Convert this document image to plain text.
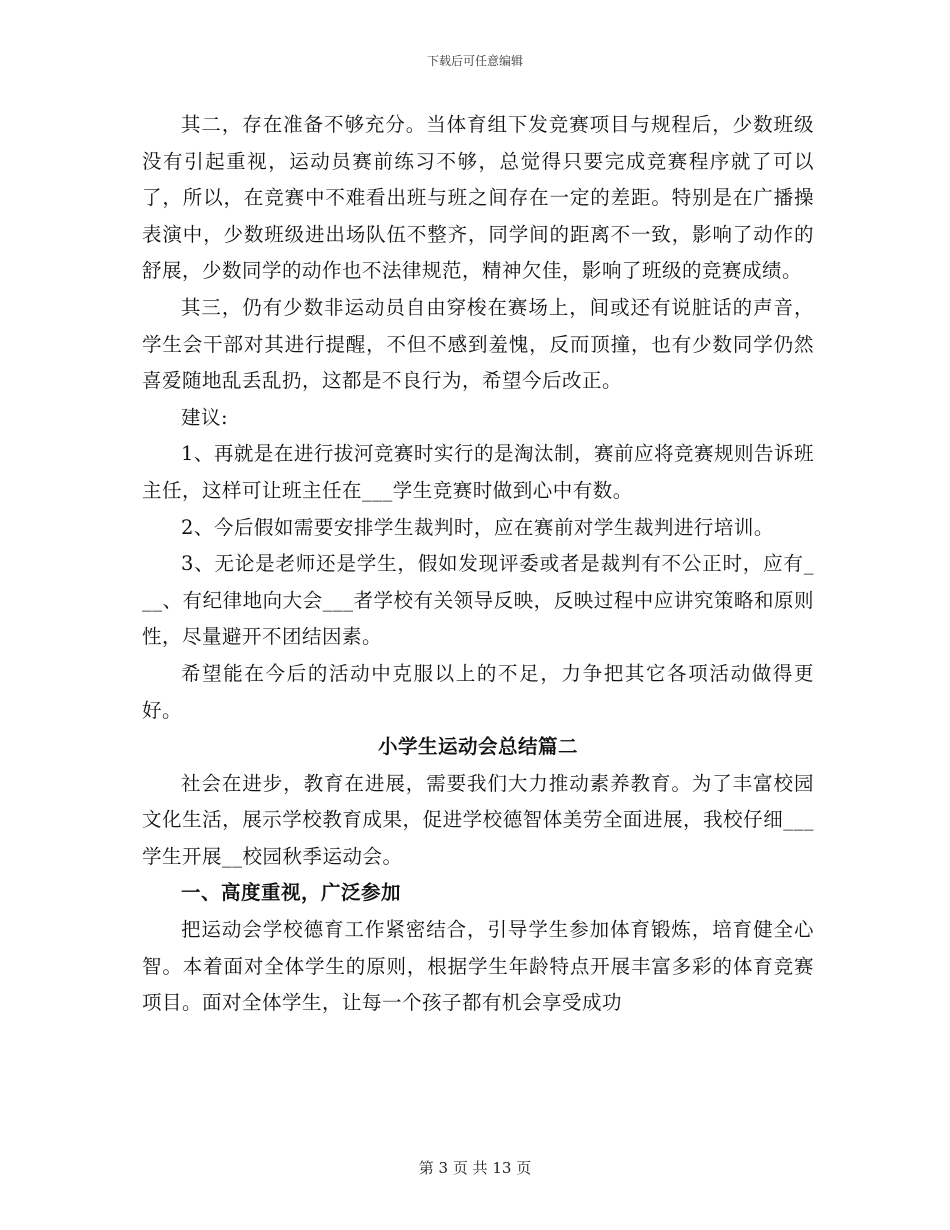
下载后可任意编辑

其二，存在准备不够充分。当体育组下发竞赛项目与规程后，少数班级没有引起重视，运动员赛前练习不够，总觉得只要完成竞赛程序就了可以了，所以，在竞赛中不难看出班与班之间存在一定的差距。特别是在广播操表演中，少数班级进出场队伍不整齐，同学间的距离不一致，影响了动作的舒展，少数同学的动作也不法律规范，精神欠佳，影响了班级的竞赛成绩。

其三，仍有少数非运动员自由穿梭在赛场上，间或还有说脏话的声音，学生会干部对其进行提醒，不但不感到羞愧，反而顶撞，也有少数同学仍然喜爱随地乱丢乱扔，这都是不良行为，希望今后改正。

建议:

1、再就是在进行拔河竞赛时实行的是淘汰制，赛前应将竞赛规则告诉班主任，这样可让班主任在___学生竞赛时做到心中有数。

2、今后假如需要安排学生裁判时，应在赛前对学生裁判进行培训。

3、无论是老师还是学生，假如发现评委或者是裁判有不公正时，应有___、有纪律地向大会___者学校有关领导反映，反映过程中应讲究策略和原则性，尽量避开不团结因素。

希望能在今后的活动中克服以上的不足，力争把其它各项活动做得更好。

小学生运动会总结篇二

社会在进步，教育在进展，需要我们大力推动素养教育。为了丰富校园文化生活，展示学校教育成果，促进学校德智体美劳全面进展，我校仔细___学生开展__校园秋季运动会。

一、高度重视，广泛参加

把运动会学校德育工作紧密结合，引导学生参加体育锻炼，培育健全心智。本着面对全体学生的原则，根据学生年龄特点开展丰富多彩的体育竞赛项目。面对全体学生，让每一个孩子都有机会享受成功

第 3 页 共 13 页
